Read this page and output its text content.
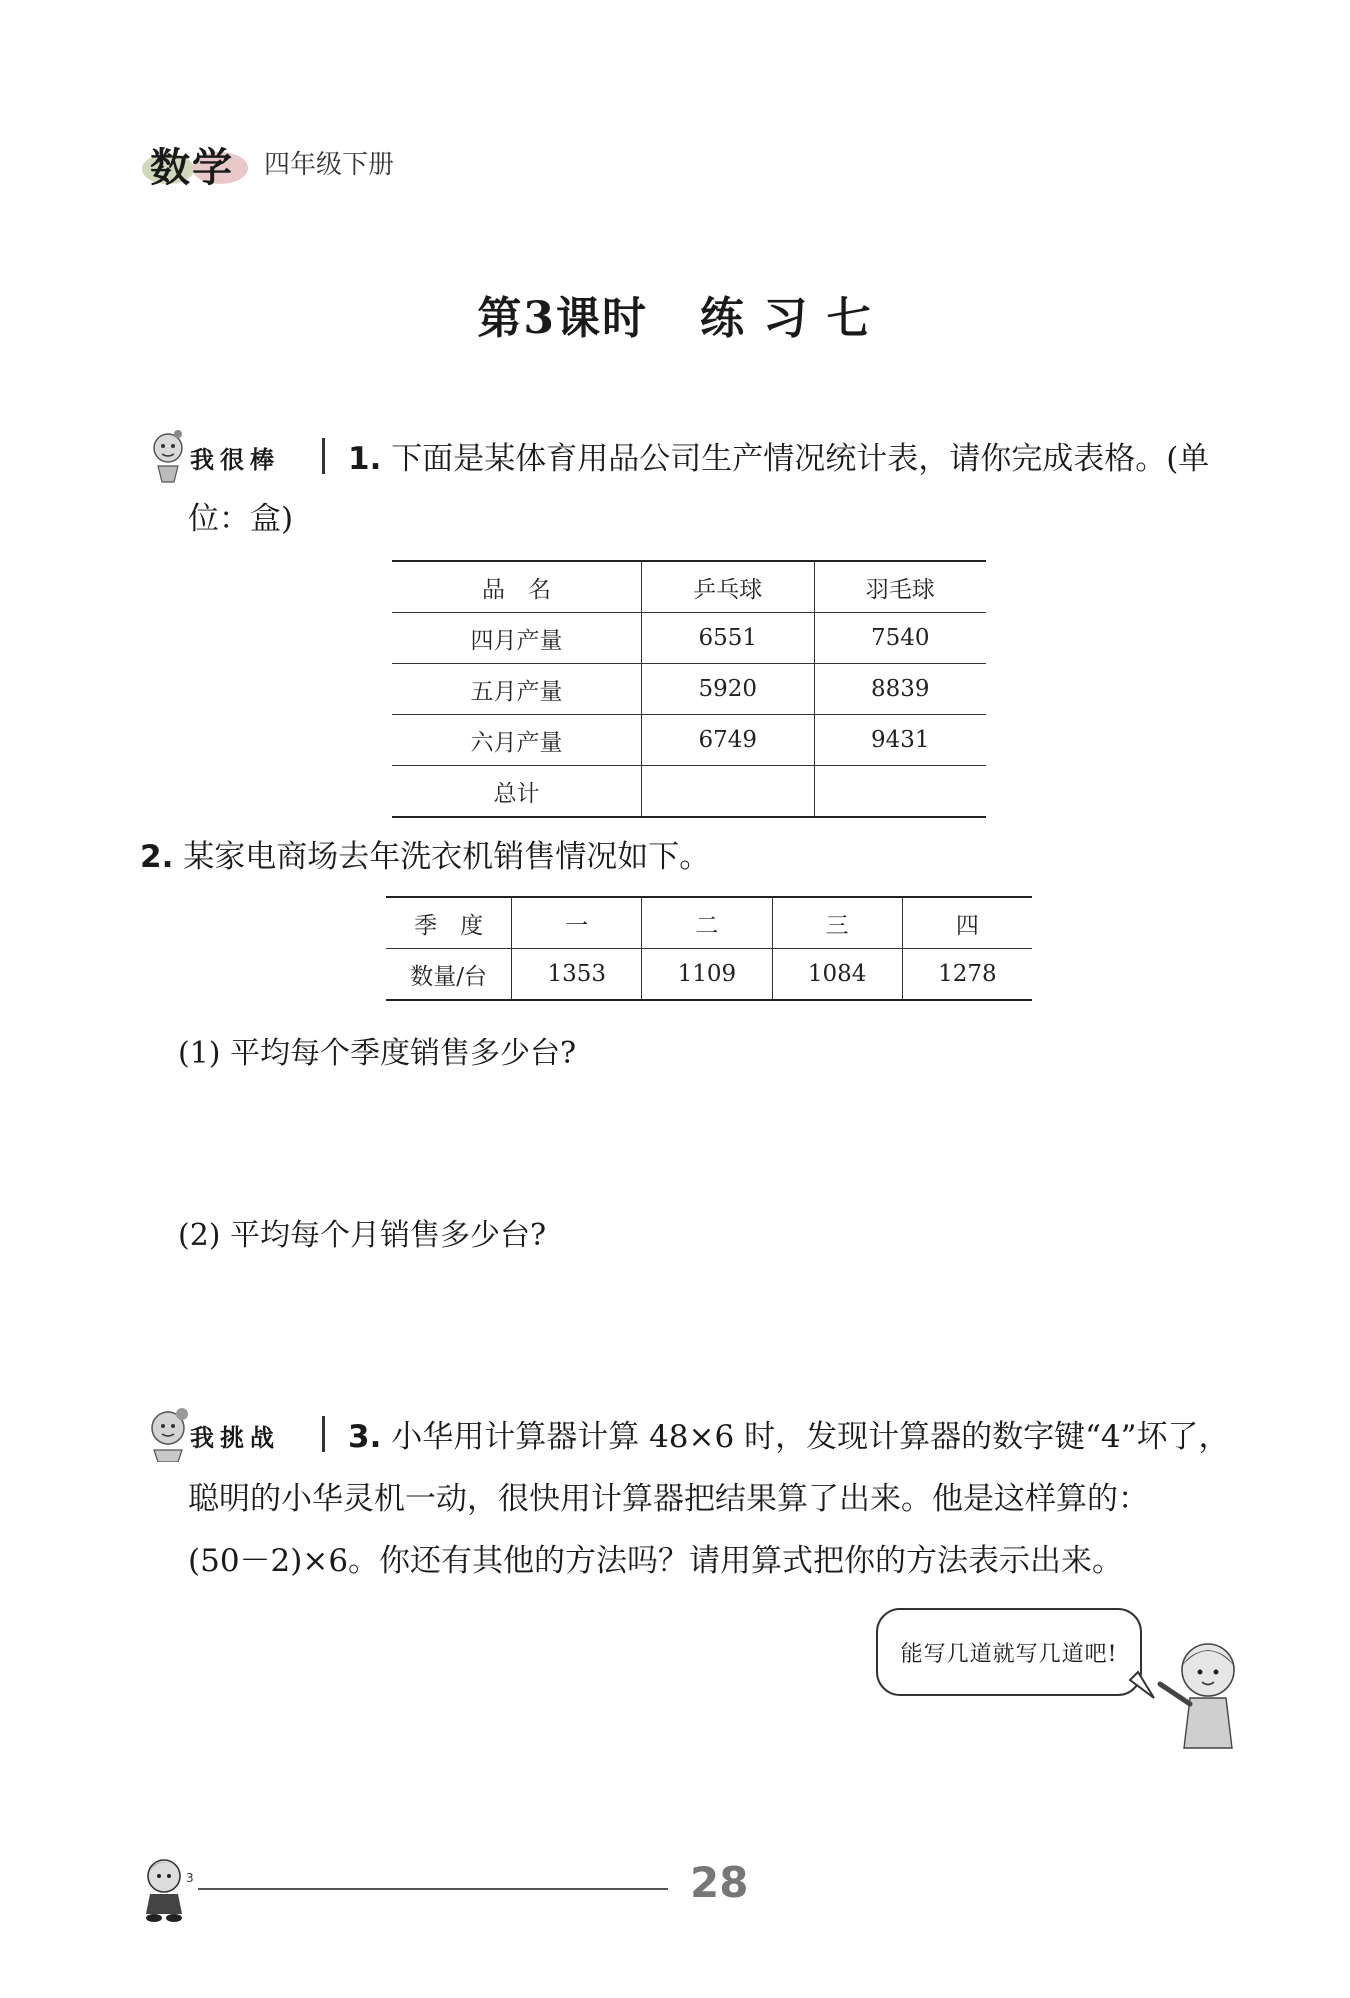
数学 四年级下册
第3课时 练 习 七
我很棒 1. 下面是某体育用品公司生产情况统计表，请你完成表格。(单
位：盒)
品　名	乒乓球	羽毛球
四月产量	6551	7540
五月产量	5920	8839
六月产量	6749	9431
总计		
2. 某家电商场去年洗衣机销售情况如下。
季　度	一	二	三	四
数量/台	1353	1109	1084	1278
(1) 平均每个季度销售多少台?
(2) 平均每个月销售多少台?
我挑战 3. 小华用计算器计算 48×6 时，发现计算器的数字键“4”坏了，
聪明的小华灵机一动，很快用计算器把结果算了出来。他是这样算的：
(50－2)×6。你还有其他的方法吗？请用算式把你的方法表示出来。
能写几道就写几道吧!
3	28
